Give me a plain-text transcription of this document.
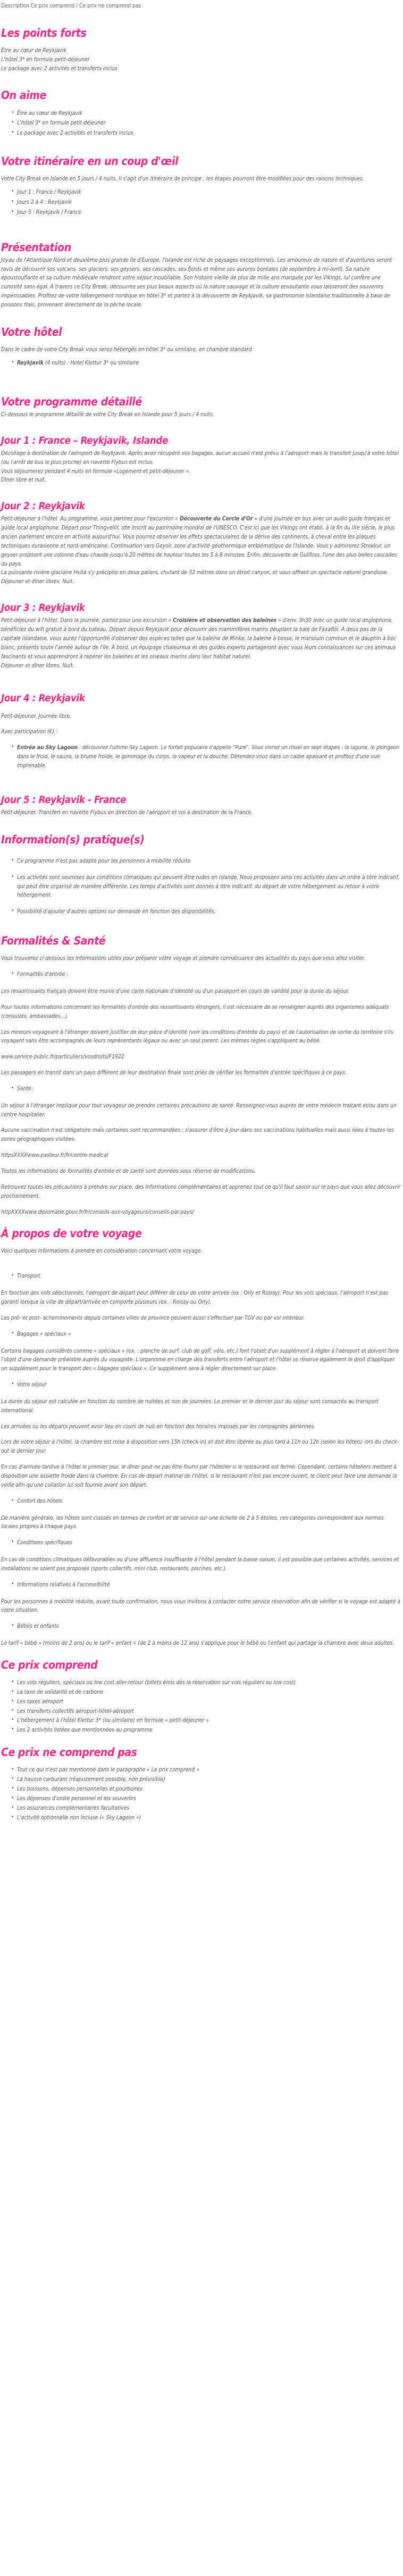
Description Ce prix comprend / Ce prix ne comprend pas
Les points forts
Être au cœur de Reykjavik
L'hôtel 3* en formule petit-déjeuner
Le package avec 2 activités et transferts inclus
On aime
• Être au cœur de Reykjavik
• L'hôtel 3* en formule petit-déjeuner
• Le package avec 2 activités et transferts inclus
Votre itinéraire en un coup d'œil

Votre City Break en Islande en 5 jours / 4 nuits. Il s'agit d'un itinéraire de principe : les étapes pourront être modifiées pour des raisons techniques.

• Jour 1 : France / Reykjavik
• Jours 2 à 4 : Reykjavik
• Jour 5 : Reykjavik / France
Présentation

Joyau de l'Atlantique Nord et deuxième plus grande île d'Europe, l'Islande est riche de paysages exceptionnels. Les amoureux de nature et d'aventures seront ravis de découvrir ses volcans, ses glaciers, ses geysers, ses cascades, ses fjords et même ses aurores boréales (de septembre à mi-avril). Sa nature époustouflante et sa culture médiévale rendront votre séjour inoubliable. Son histoire vieille de plus de mille ans marquée par les Vikings, lui confère une curiosité sans égal. À travers ce City Break, découvrez ses plus beaux aspects où la nature sauvage et la culture envoutante vous laisseront des souvenirs impérissables. Profitez de votre hébergement nordique en hôtel 3* et partez à la découverte de Reykjavik, sa gastronomie islandaise traditionnelle à base de poissons frais, provenant directement de la pêche locale.

Votre hôtel

Dans le cadre de votre City Break vous serez hébergés en hôtel 3* ou similaire, en chambre standard.

• Reykjavik (4 nuits) : Hotel Klettur 3* ou similaire
Votre programme détaillé

Ci-dessous le programme détaillé de votre City Break en Islande pour 5 jours / 4 nuits.

Jour 1 : France – Reykjavik, Islande

Décollage à destination de l'aéroport de Reykjavik. Après avoir récupéré vos bagages, aucun accueil n'est prévu à l'aéroport mais le transfert jusqu'à votre hôtel (ou l'arrêt de bus le plus proche) en navette Flybus est inclus.

Vous séjournerez pendant 4 nuits en formule «Logement et petit-déjeuner ».

Dîner libre et nuit.

Jour 2 : Reykjavik

Petit-déjeuner à l'hôtel. Au programme, vous partirez pour l'excursion « Découverte du Cercle d'Or » d'une journée en bus avec un audio guide français et guide local anglophone. Départ pour Thingvellir, site inscrit au patrimoine mondial de l'UNESCO. C'est ici que les Vikings ont établi, à la fin du IXe siècle, le plus ancien parlement encore en activité aujourd'hui. Vous pourrez observer les effets spectaculaires de la dérive des continents, à cheval entre les plaques tectoniques eurasienne et nord-américaine. Continuation vers Geysir, zone d'activité géothermique emblématique de l'Islande. Vous y admirerez Strokkur, un geyser projetant une colonne d'eau chaude jusqu'à 20 mètres de hauteur toutes les 5 à 8 minutes. Enfin, découverte de Gullfoss, l'une des plus belles cascades du pays.

La puissante rivière glaciaire Hvítá s'y précipite en deux paliers, chutant de 32 mètres dans un étroit canyon, et vous offrant un spectacle naturel grandiose.

Déjeuner et dîner libres. Nuit.

Jour 3 : Reykjavik

Petit-déjeuner à l'hôtel. Dans la journée, partez pour une excursion « Croisière et observation des baleines » d'env. 3h30 avec un guide local anglophone, bénéficiez du wifi gratuit à bord du bateau. Départ depuis Reykjavik pour découvrir des mammifères marins peuplant la baie de Faxaflói. À deux pas de la capitale islandaise, vous aurez l'opportunité d'observer des espèces telles que la baleine de Minke, la baleine à bosse, le marsouin commun et le dauphin à bec blanc, présents toute l'année autour de l'île. À bord, un équipage chaleureux et des guides experts partageront avec vous leurs connaissances sur ces animaux fascinants et vous apprendront à repérer les baleines et les oiseaux marins dans leur habitat naturel.

Déjeuner et dîner libres. Nuit.

Jour 4 : Reykjavik

Petit-déjeuner. Journée libre.

Avec participation (€) :

• Entrée au Sky Lagoon : découvrez l'ultime Sky Lagoon. Le forfait populaire s'appelle "Pure". Vous vivrez un rituel en sept étapes : la lagune, le plongeon dans le froid, le sauna, la brume froide, le gommage du corps, la vapeur et la douche. Détendez-vous dans un cadre apaisant et profitez d'une vue imprenable.
Jour 5 : Reykjavik - France

Petit-déjeuner. Transfert en navette Flybus en direction de l'aéroport et vol à destination de la France.

Information(s) pratique(s)
• Ce programme n'est pas adapté pour les personnes à mobilité réduite.
• Les activités sont soumises aux conditions climatiques qui peuvent être rudes en Islande. Nous proposons ainsi ces activités dans un ordre à titre indicatif, qui peut être organisé de manière différente. Les temps d'activités sont donnés à titre indicatif, du départ de votre hébergement au retour à votre hébergement.
• Possibilité d'ajouter d'autres options sur demande en fonction des disponibilités.
Formalités & Santé

Vous trouverez ci-dessous les informations utiles pour préparer votre voyage et prendre connaissance des actualités du pays que vous allez visiter.

• Formalités d'entrée :

Les ressortissants français doivent être munis d'une carte nationale d'identité ou d'un passeport en cours de validité pour la durée du séjour.

Pour toutes informations concernant les formalités d'entrée des ressortissants étrangers, il est nécessaire de se renseigner auprès des organismes adéquats (consulats, ambassades…).

Les mineurs voyageant à l'étranger doivent justifier de leur pièce d'identité (voir les conditions d'entrée du pays) et de l'autorisation de sortie du territoire s'ils voyagent sans être accompagnés de leurs représentants légaux ou avec un seul parent. Les mêmes règles s'appliquent au bébé.

www.service-public.fr/particuliers/vosdroits/F1922

Les passagers en transit dans un pays différent de leur destination finale sont priés de vérifier les formalités d'entrée spécifiques à ce pays.

• Santé :

Un séjour à l'étranger implique pour tout voyageur de prendre certaines précautions de santé. Renseignez-vous auprès de votre médecin traitant et/ou dans un centre hospitalier.

Aucune vaccination n'est obligatoire mais certaines sont recommandées ; s'assurer d'être à jour dans ses vaccinations habituelles mais aussi liées à toutes les zones géographiques visitées.

httpsXXXXwww.pasteur.fr/fr/centre-medical

Toutes les informations de formalités d'entrée et de santé sont données sous réserve de modifications.

Retrouvez toutes les précautions à prendre sur place, des informations complémentaires et apprenez tout ce qu'il faut savoir sur le pays que vous allez découvrir prochainement.

httpXXXXwww.diplomatie.gouv.fr/fr/conseils-aux-voyageurs/conseils-par-pays/

À propos de votre voyage

Voici quelques informations à prendre en considération concernant votre voyage.

• Transport

En fonction des vols sélectionnés, l'aéroport de départ peut différer de celui de votre arrivée (ex : Orly et Roissy). Pour les vols spéciaux, l'aéroport n'est pas garanti lorsque la ville de départ/arrivée en comporte plusieurs (ex. : Roissy ou Orly).

Les pré- et post- acheminements depuis certaines villes de province peuvent aussi s'effectuer par TGV ou par vol intérieur.

• Bagages « spéciaux »

Certains bagages considérés comme « spéciaux » (ex. : planche de surf, club de golf, vélo, etc.) font l'objet d'un supplément à régler à l'aéroport et doivent faire l'objet d'une demande préalable auprès du voyagiste. L'organisme en charge des transferts entre l'aéroport et l'hôtel se réserve également le droit d'appliquer un supplément pour le transport des « bagages spéciaux ». Ce supplément sera à régler directement sur place.

• Votre séjour

La durée du séjour est calculée en fonction du nombre de nuitées et non de journées. Le premier et le dernier jour du séjour sont consacrés au transport international.

Les arrivées ou les départs peuvent avoir lieu en cours de nuit en fonction des horaires imposés par les compagnies aériennes.

Lors de votre séjour à l'hôtel, la chambre est mise à disposition vers 15h (check-in) et doit être libérée au plus tard à 11h ou 12h (selon les hôtels) lors du check-out le dernier jour.

En cas d'arrivée tardive à l'hôtel le premier jour, le dîner peut ne pas être fourni par l'hôtelier si le restaurant est fermé. Cependant, certains hôteliers mettent à disposition une assiette froide dans la chambre. En cas de départ matinal de l'hôtel, si le restaurant n'est pas encore ouvert, le client peut faire une demande la veille afin qu'une collation lui soit fournie avant son départ.

• Confort des hôtels

De manière générale, les hôtels sont classés en termes de confort et de service sur une échelle de 2 à 5 étoiles, ces catégories correspondent aux normes locales propres à chaque pays.

• Conditions spécifiques

En cas de conditions climatiques défavorables ou d'une affluence insuffisante à l'hôtel pendant la basse saison, il est possible que certaines activités, services et installations ne soient pas proposés (sports collectifs, mini club, restaurants, piscines, etc.).

• Informations relatives à l'accessibilité

Pour les personnes à mobilité réduite, avant toute confirmation, nous vous invitons à contacter notre service réservation afin de vérifier si le voyage est adapté à votre situation.

• Bébés et enfants

Le tarif « bébé » (moins de 2 ans) ou le tarif « enfant » (de 2 à moins de 12 ans) s'applique pour le bébé ou l'enfant qui partage la chambre avec deux adultes.

Ce prix comprend
• Les vols réguliers, spéciaux ou low cost aller-retour (billets émis dès la réservation sur vols réguliers ou low cost)
• La taxe de solidarité et de carbone
• Les taxes aéroport
• Les transferts collectifs aéroport-hôtel-aéroport
• L'hébergement à l'hôtel Klettur 3* (ou similaire) en formule « petit-déjeuner »
• Les 2 activités listées que mentionnées au programme
Ce prix ne comprend pas
• Tout ce qui n'est pas mentionné dans le paragraphe « Le prix comprend »
• La hausse carburant (réajustement possible, non prévisible)
• Les boissons, dépenses personnelles et pourboires
• Les dépenses d'ordre personnel et les souvenirs
• Les assurances complémentaires facultatives
• L'activité optionnelle non incluse (« Sky Lagoon »)
